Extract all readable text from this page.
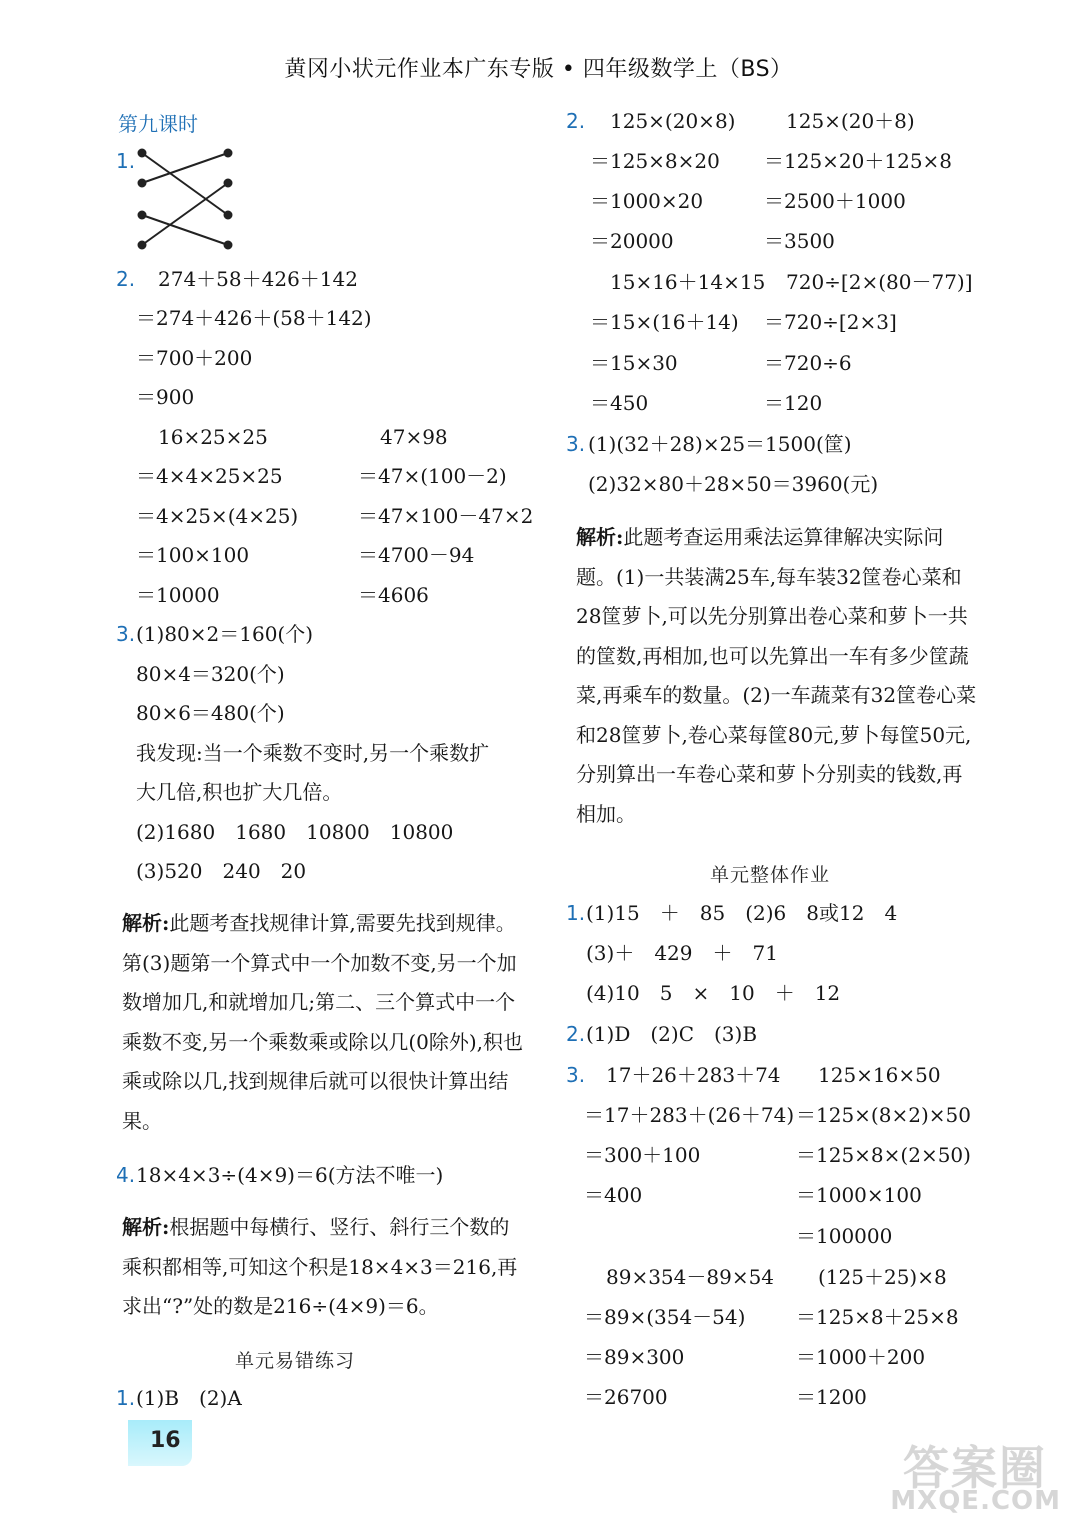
黄冈小状元作业本广东专版 • 四年级数学上（BS）
第九课时
1.
2. 274＋58＋426＋142
＝274＋426＋(58＋142)
＝700＋200
＝900
16×25×25
＝4×4×25×25
＝4×25×(4×25)
＝100×100
＝10000
47×98
＝47×(100－2)
＝47×100－47×2
＝4700－94
＝4606
3. (1)80×2＝160(个)
80×4＝320(个)
80×6＝480(个)
我发现:当一个乘数不变时,另一个乘数扩
大几倍,积也扩大几倍。
(2)1680　1680　10800　10800
(3)520　240　20
解析:此题考查找规律计算,需要先找到规律。第(3)题第一个算式中一个加数不变,另一个加数增加几,和就增加几;第二、三个算式中一个乘数不变,另一个乘数乘或除以几(0除外),积也乘或除以几,找到规律后就可以很快计算出结果。
4. 18×4×3÷(4×9)＝6(方法不唯一)
解析:根据题中每横行、竖行、斜行三个数的乘积都相等,可知这个积是18×4×3＝216,再求出“?”处的数是216÷(4×9)＝6。
单元易错练习
1. (1)B　(2)A
2. 125×(20×8)
＝125×8×20
＝1000×20
＝20000
125×(20＋8)
＝125×20＋125×8
＝2500＋1000
＝3500
15×16＋14×15
＝15×(16＋14)
＝15×30
＝450
720÷[2×(80－77)]
＝720÷[2×3]
＝720÷6
＝120
3. (1)(32＋28)×25＝1500(筐)
(2)32×80＋28×50＝3960(元)
解析:此题考查运用乘法运算律解决实际问题。(1)一共装满25车,每车装32筐卷心菜和28筐萝卜,可以先分别算出卷心菜和萝卜一共的筐数,再相加,也可以先算出一车有多少筐蔬菜,再乘车的数量。(2)一车蔬菜有32筐卷心菜和28筐萝卜,卷心菜每筐80元,萝卜每筐50元,分别算出一车卷心菜和萝卜分别卖的钱数,再相加。
单元整体作业
1. (1)15　＋　85　(2)6　8或12　4
(3)＋　429　＋　71
(4)10　5　×　10　＋　12
2. (1)D　(2)C　(3)B
3. 17＋26＋283＋74
＝17＋283＋(26＋74)
＝300＋100
＝400
125×16×50
＝125×(8×2)×50
＝125×8×(2×50)
＝1000×100
＝100000
89×354－89×54
＝89×(354－54)
＝89×300
＝26700
(125＋25)×8
＝125×8＋25×8
＝1000＋200
＝1200
16
答案圈
MXQE.COM
